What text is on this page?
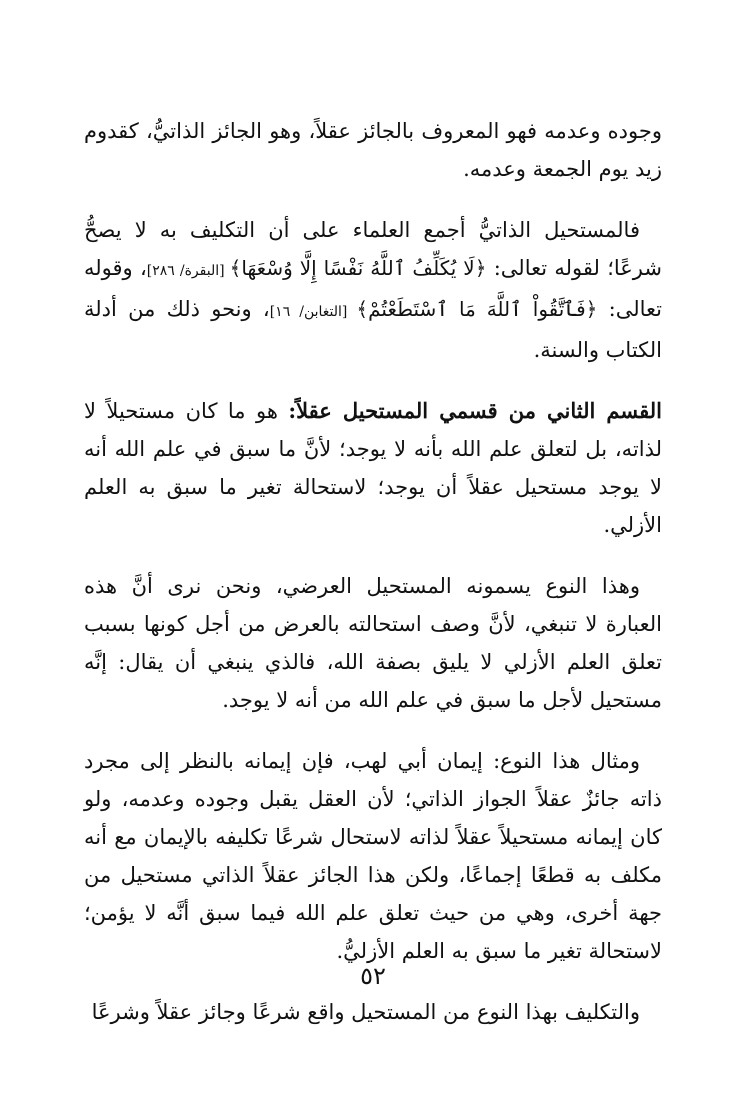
وجوده وعدمه فهو المعروف بالجائز عقلاً، وهو الجائز الذاتيُّ، كقدوم زيد يوم الجمعة وعدمه.

فالمستحيل الذاتيُّ أجمع العلماء على أن التكليف به لا يصحُّ شرعًا؛ لقوله تعالى: ﴿لَا يُكَلِّفُ ٱللَّهُ نَفْسًا إِلَّا وُسْعَهَا﴾ [البقرة/ ٢٨٦]، وقوله تعالى: ﴿فَٱتَّقُواْ ٱللَّهَ مَا ٱسْتَطَعْتُمْ﴾ [التغابن/ ١٦]، ونحو ذلك من أدلة الكتاب والسنة.

القسم الثاني من قسمي المستحيل عقلاً: هو ما كان مستحيلاً لا لذاته، بل لتعلق علم الله بأنه لا يوجد؛ لأنَّ ما سبق في علم الله أنه لا يوجد مستحيل عقلاً أن يوجد؛ لاستحالة تغير ما سبق به العلم الأزلي.

وهذا النوع يسمونه المستحيل العرضي، ونحن نرى أنَّ هذه العبارة لا تنبغي، لأنَّ وصف استحالته بالعرض من أجل كونها بسبب تعلق العلم الأزلي لا يليق بصفة الله، فالذي ينبغي أن يقال: إنَّه مستحيل لأجل ما سبق في علم الله من أنه لا يوجد.

ومثال هذا النوع: إيمان أبي لهب، فإن إيمانه بالنظر إلى مجرد ذاته جائزٌ عقلاً الجواز الذاتي؛ لأن العقل يقبل وجوده وعدمه، ولو كان إيمانه مستحيلاً عقلاً لذاته لاستحال شرعًا تكليفه بالإيمان مع أنه مكلف به قطعًا إجماعًا، ولكن هذا الجائز عقلاً الذاتي مستحيل من جهة أخرى، وهي من حيث تعلق علم الله فيما سبق أنَّه لا يؤمن؛ لاستحالة تغير ما سبق به العلم الأزليُّ.

والتكليف بهذا النوع من المستحيل واقع شرعًا وجائز عقلاً وشرعًا

٥٢
